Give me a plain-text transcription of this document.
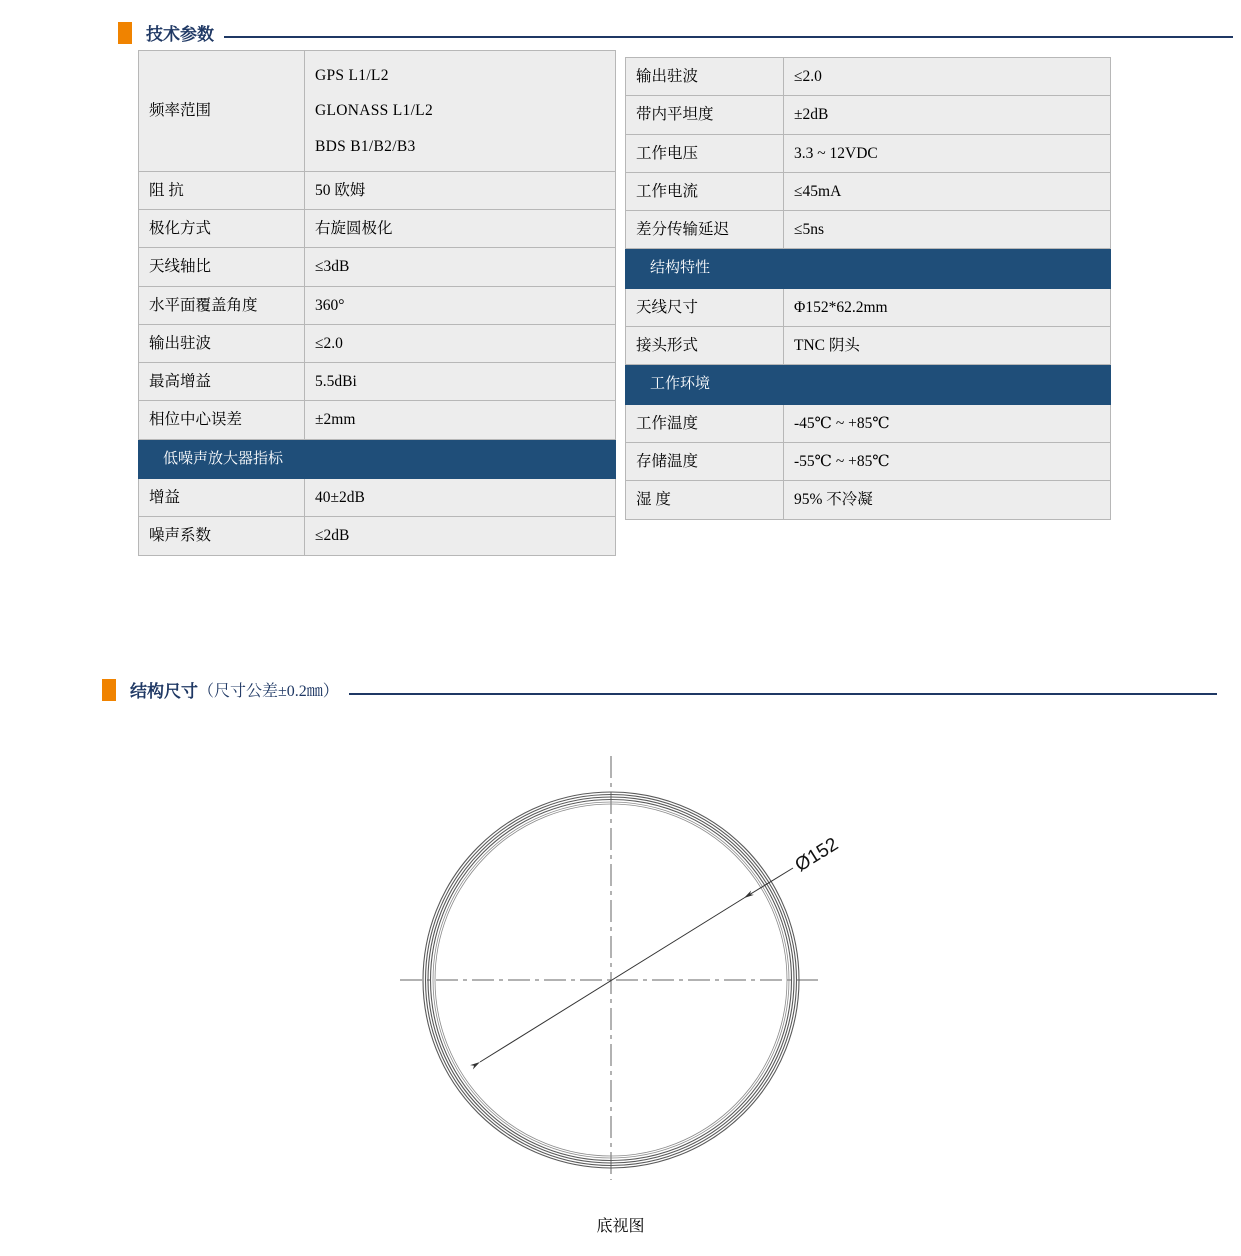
技术参数
频率范围	GPS L1/L2
GLONASS L1/L2
BDS B1/B2/B3

阻 抗	50 欧姆
极化方式	右旋圆极化
天线轴比	≤3dB
水平面覆盖角度	360°
输出驻波	≤2.0
最高增益	5.5dBi
相位中心误差	±2mm
低噪声放大器指标	
增益	40±2dB
噪声系数	≤2dB
输出驻波	≤2.0
带内平坦度	±2dB
工作电压	3.3 ~ 12VDC
工作电流	≤45mA
差分传输延迟	≤5ns
结构特性	
天线尺寸	Φ152*62.2mm
接头形式	TNC 阴头
工作环境	
工作温度	-45℃ ~ +85℃
存储温度	-55℃ ~ +85℃
湿 度	95% 不冷凝
结构尺寸 （尺寸公差±0.2㎜）
Ø152
底视图
